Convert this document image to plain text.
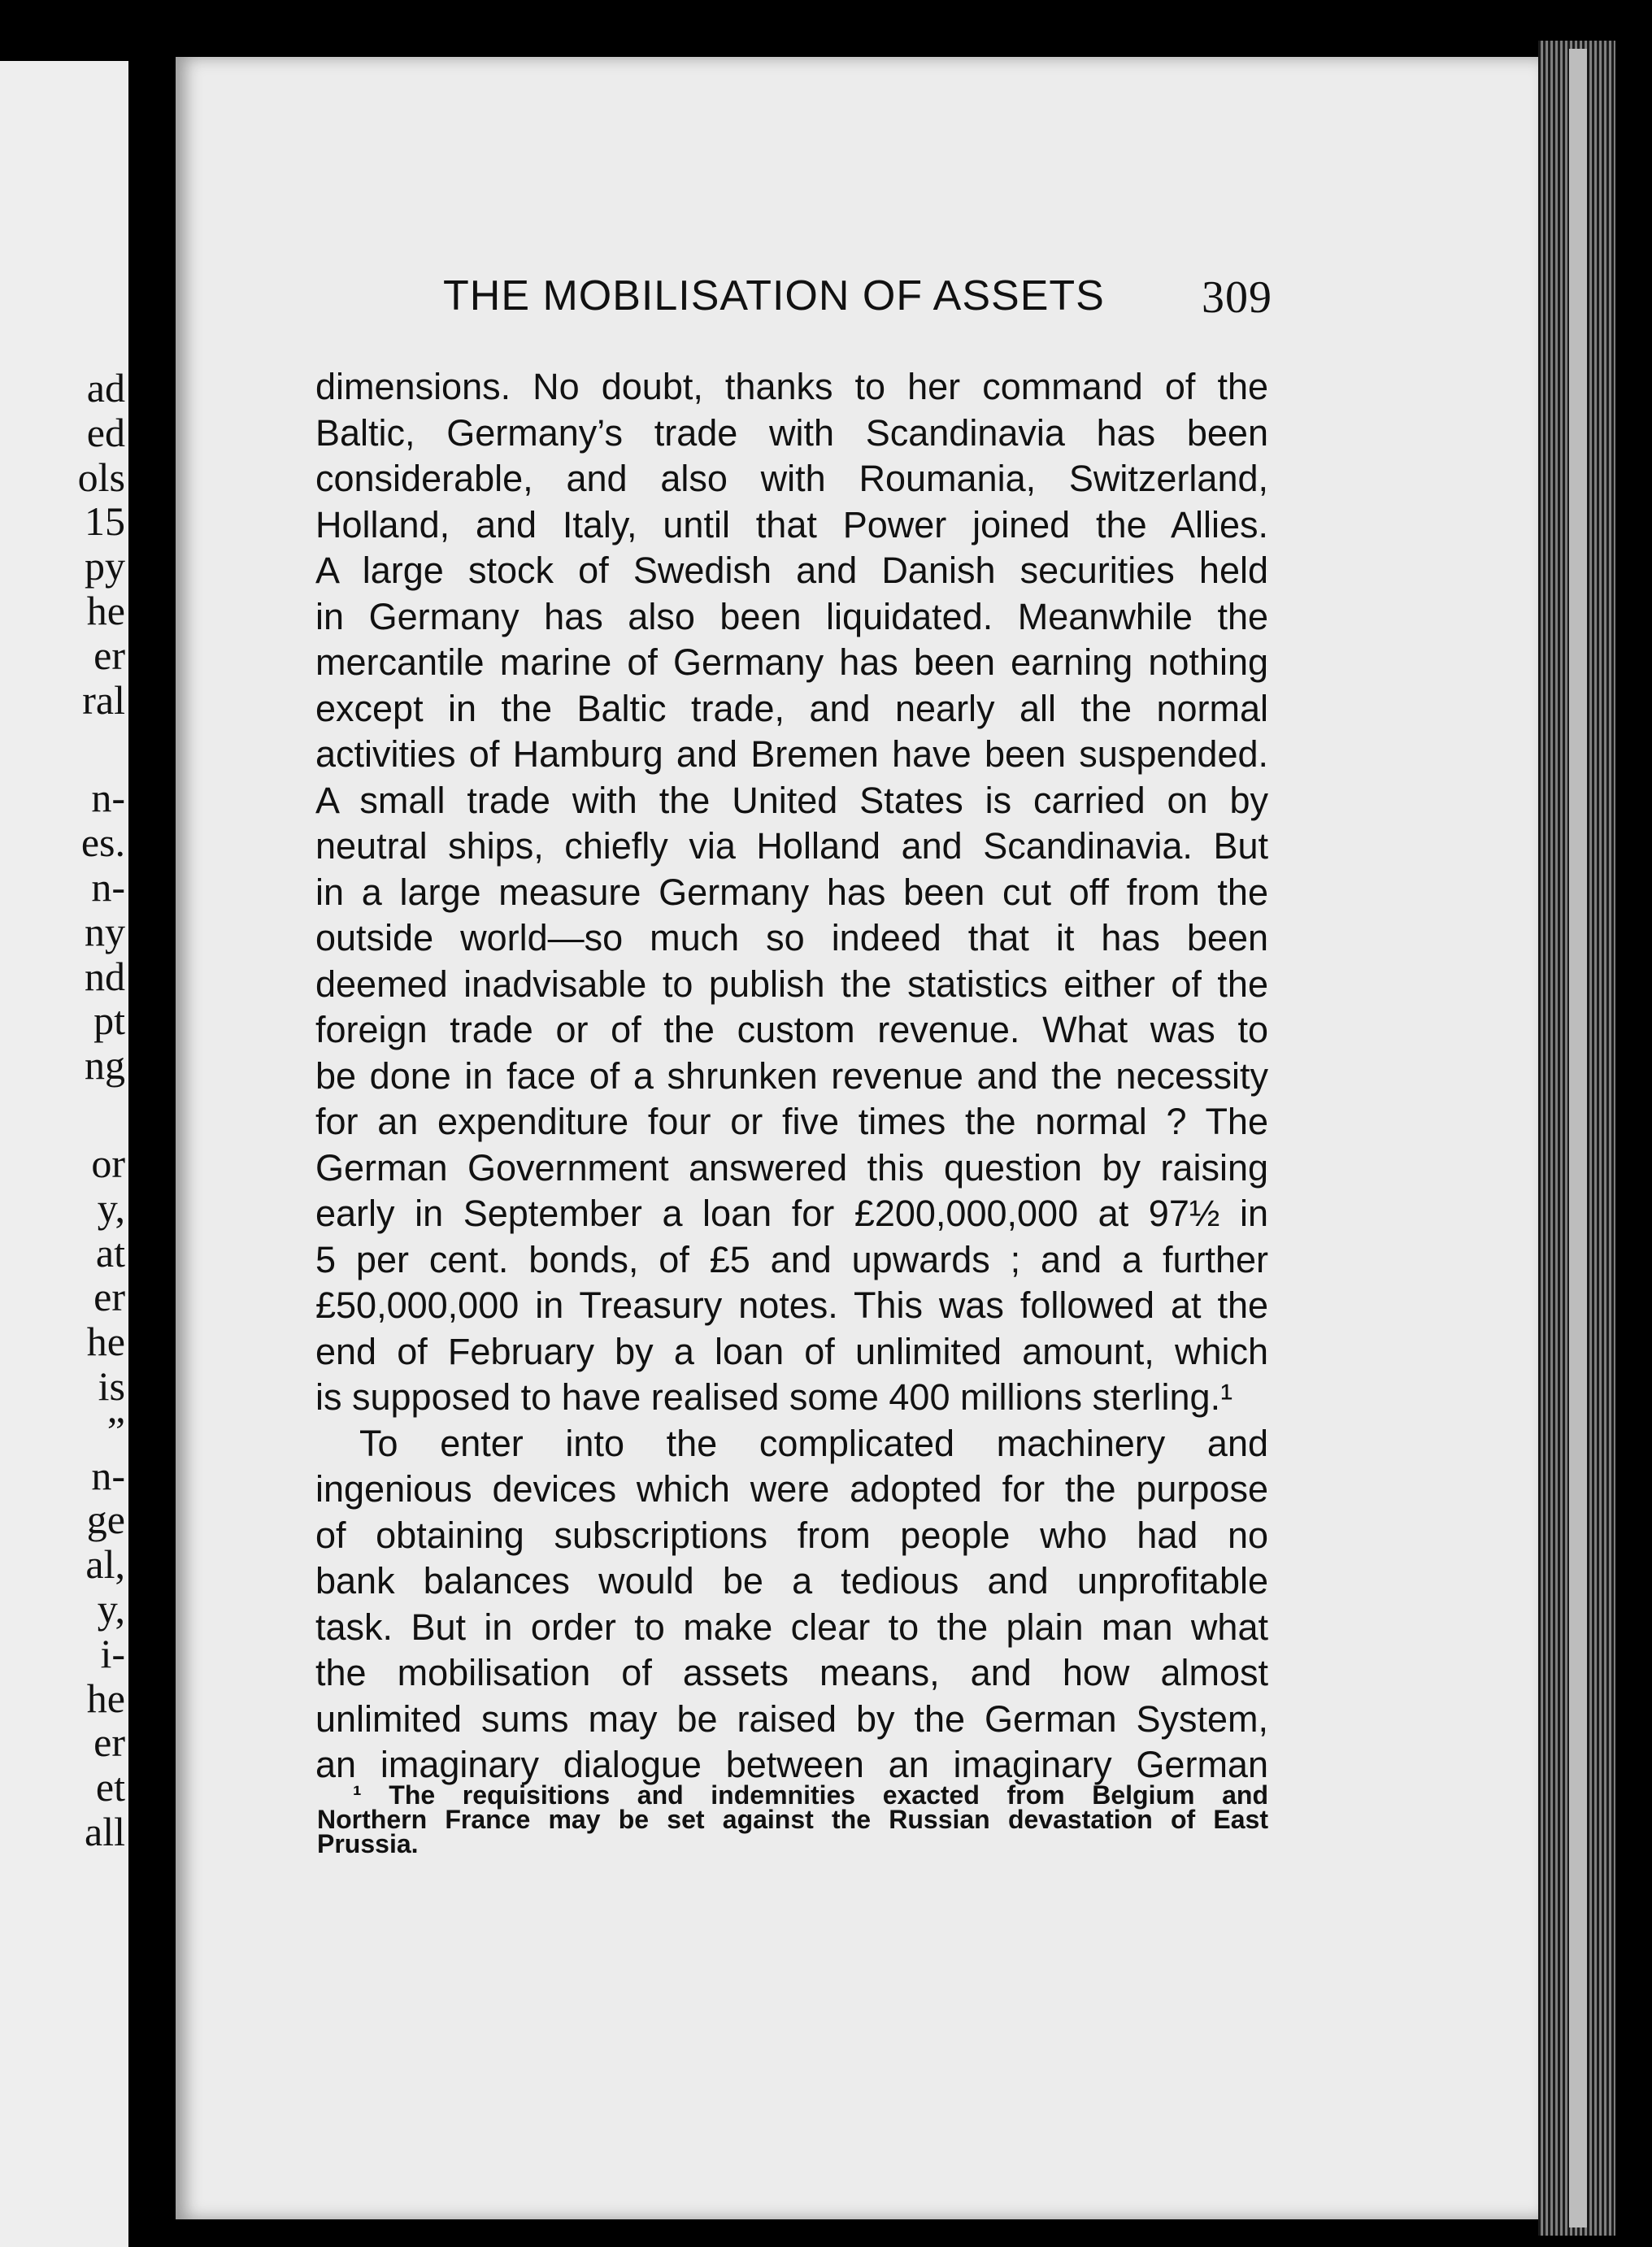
ad
ed
ols
15
py
he
er
ral
n-
es.
n-
ny
nd
pt
ng
or
y,
at
er
he
is
”
n-
ge
al,
y,
i-
he
er
et
all
THE MOBILISATION OF ASSETS 309
dimensions. No doubt, thanks to her command of the
Baltic, Germany’s trade with Scandinavia has been
considerable, and also with Roumania, Switzerland,
Holland, and Italy, until that Power joined the Allies.
A large stock of Swedish and Danish securities held
in Germany has also been liquidated. Meanwhile the
mercantile marine of Germany has been earning nothing
except in the Baltic trade, and nearly all the normal
activities of Hamburg and Bremen have been suspended.
A small trade with the United States is carried on by
neutral ships, chiefly via Holland and Scandinavia. But
in a large measure Germany has been cut off from the
outside world—so much so indeed that it has been
deemed inadvisable to publish the statistics either of the
foreign trade or of the custom revenue. What was to
be done in face of a shrunken revenue and the necessity
for an expenditure four or five times the normal ? The
German Government answered this question by raising
early in September a loan for £200,000,000 at 97½ in
5 per cent. bonds, of £5 and upwards ; and a further
£50,000,000 in Treasury notes. This was followed at the
end of February by a loan of unlimited amount, which
is supposed to have realised some 400 millions sterling.¹
To enter into the complicated machinery and
ingenious devices which were adopted for the purpose
of obtaining subscriptions from people who had no
bank balances would be a tedious and unprofitable
task. But in order to make clear to the plain man what
the mobilisation of assets means, and how almost
unlimited sums may be raised by the German System,
an imaginary dialogue between an imaginary German
¹ The requisitions and indemnities exacted from Belgium and
Northern France may be set against the Russian devastation of East
Prussia.
